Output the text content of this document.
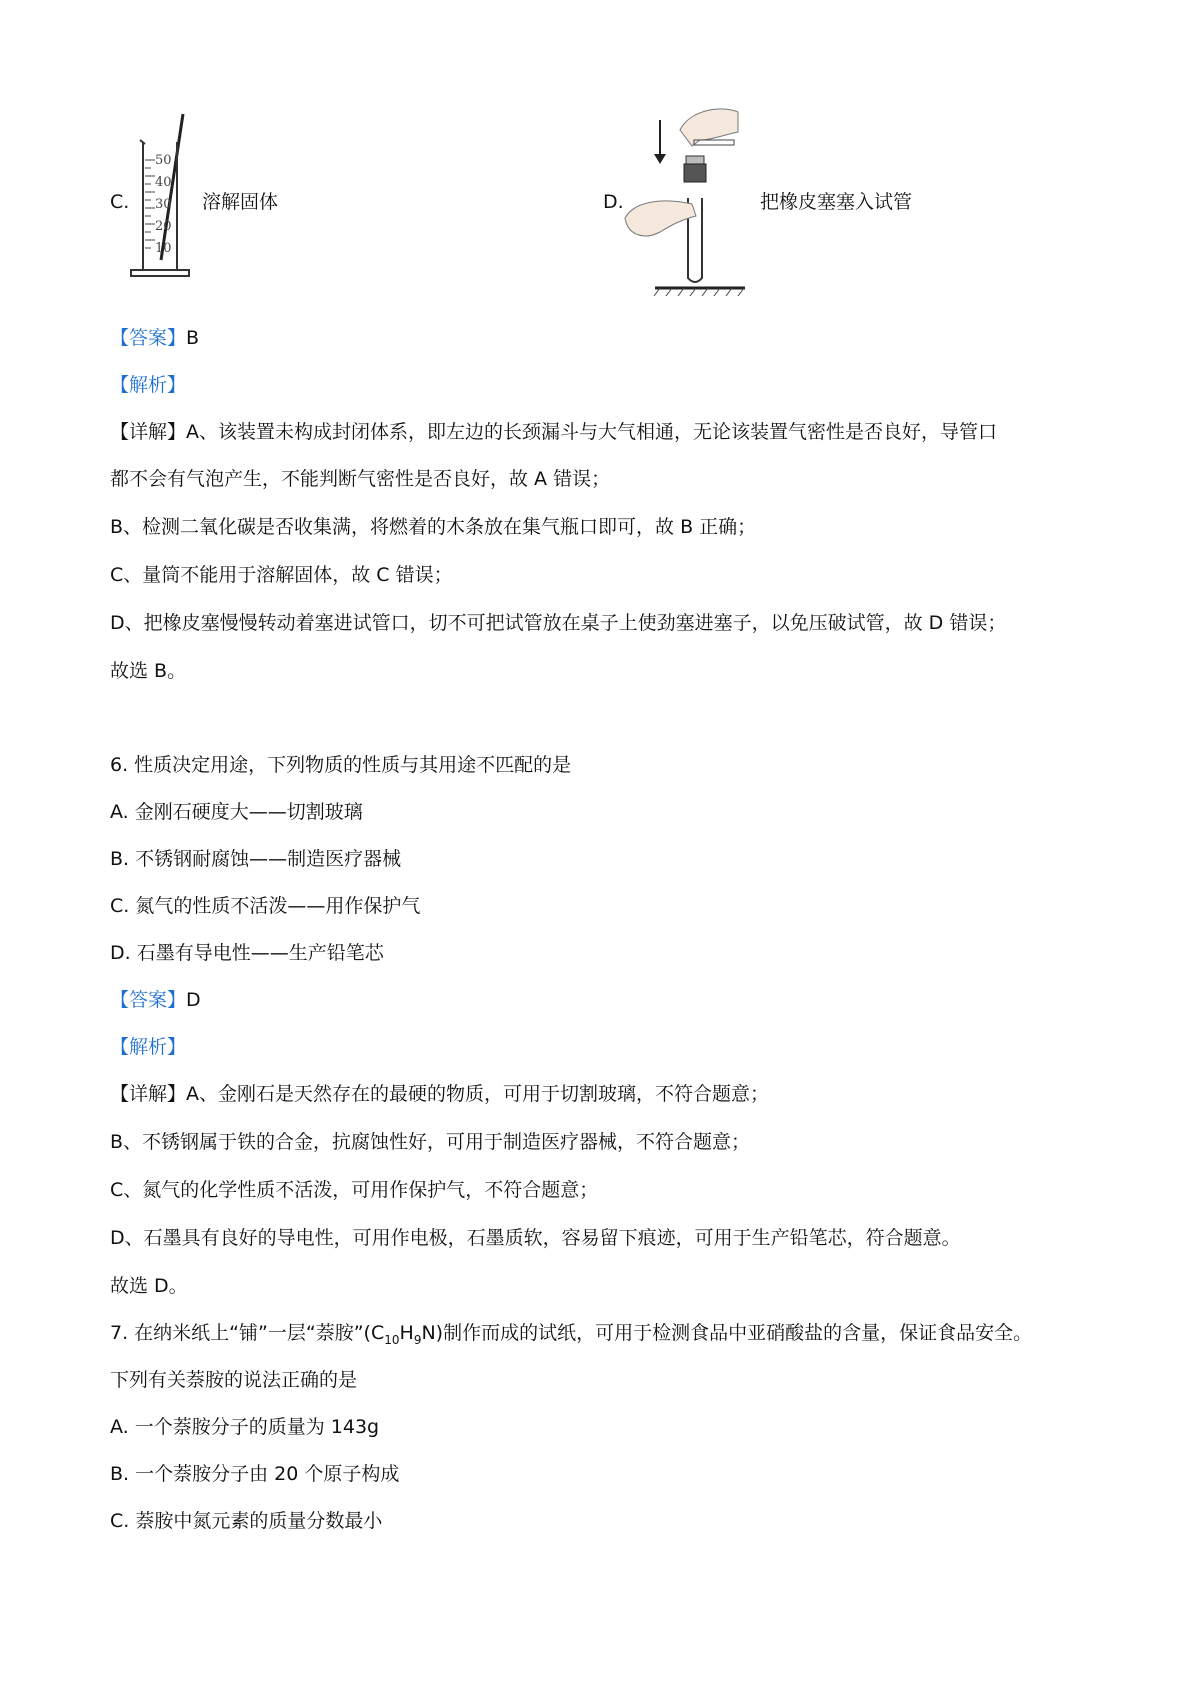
C.
50
40
30
20
10
溶解固体	D.	把橡皮塞塞入试管
【答案】B
【解析】
【详解】A、该装置未构成封闭体系，即左边的长颈漏斗与大气相通，无论该装置气密性是否良好，导管口
都不会有气泡产生，不能判断气密性是否良好，故 A 错误；
B、检测二氧化碳是否收集满，将燃着的木条放在集气瓶口即可，故 B 正确；
C、量筒不能用于溶解固体，故 C 错误；
D、把橡皮塞慢慢转动着塞进试管口，切不可把试管放在桌子上使劲塞进塞子，以免压破试管，故 D 错误；
故选 B。
6. 性质决定用途，下列物质的性质与其用途不匹配的是
A. 金刚石硬度大——切割玻璃
B. 不锈钢耐腐蚀——制造医疗器械
C. 氮气的性质不活泼——用作保护气
D. 石墨有导电性——生产铅笔芯
【答案】D
【解析】
【详解】A、金刚石是天然存在的最硬的物质，可用于切割玻璃，不符合题意；
B、不锈钢属于铁的合金，抗腐蚀性好，可用于制造医疗器械，不符合题意；
C、氮气的化学性质不活泼，可用作保护气，不符合题意；
D、石墨具有良好的导电性，可用作电极，石墨质软，容易留下痕迹，可用于生产铅笔芯，符合题意。
故选 D。
7. 在纳米纸上“铺”一层“萘胺$”(C_{10}H_9N)$制作而成的试纸，可用于检测食品中亚硝酸盐的含量，保证食品安全。
下列有关萘胺的说法正确的是
A. 一个萘胺分子的质量为 143g
B. 一个萘胺分子由 20 个原子构成
C. 萘胺中氮元素的质量分数最小
